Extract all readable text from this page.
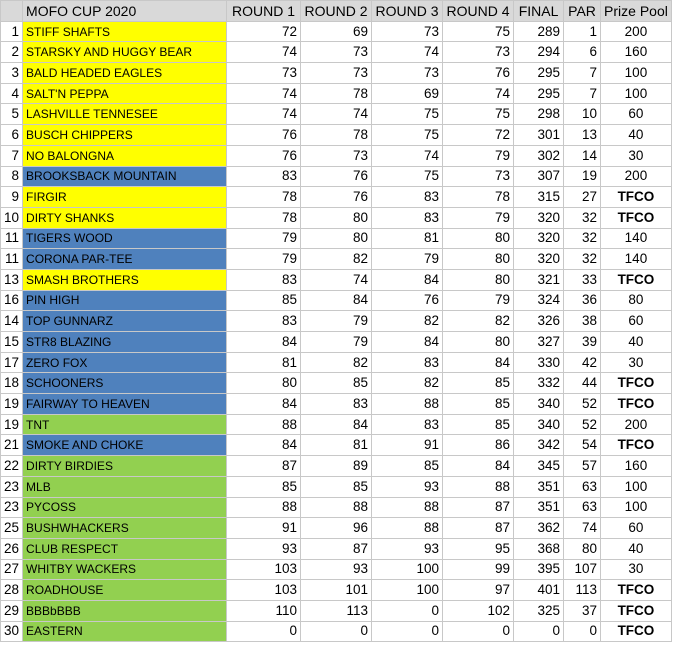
	MOFO CUP 2020	ROUND 1	ROUND 2	ROUND 3	ROUND 4	FINAL	PAR	Prize Pool
1	STIFF SHAFTS	72	69	73	75	289	1	200
2	STARSKY AND HUGGY BEAR	74	73	74	73	294	6	160
3	BALD HEADED EAGLES	73	73	73	76	295	7	100
4	SALT'N PEPPA	74	78	69	74	295	7	100
5	LASHVILLE TENNESEE	74	74	75	75	298	10	60
6	BUSCH CHIPPERS	76	78	75	72	301	13	40
7	NO BALONGNA	76	73	74	79	302	14	30
8	BROOKSBACK MOUNTAIN	83	76	75	73	307	19	200
9	FIRGIR	78	76	83	78	315	27	TFCO
10	DIRTY SHANKS	78	80	83	79	320	32	TFCO
11	TIGERS WOOD	79	80	81	80	320	32	140
11	CORONA PAR-TEE	79	82	79	80	320	32	140
13	SMASH BROTHERS	83	74	84	80	321	33	TFCO
16	PIN HIGH	85	84	76	79	324	36	80
14	TOP GUNNARZ	83	79	82	82	326	38	60
15	STR8 BLAZING	84	79	84	80	327	39	40
17	ZERO FOX	81	82	83	84	330	42	30
18	SCHOONERS	80	85	82	85	332	44	TFCO
19	FAIRWAY TO HEAVEN	84	83	88	85	340	52	TFCO
19	TNT	88	84	83	85	340	52	200
21	SMOKE AND CHOKE	84	81	91	86	342	54	TFCO
22	DIRTY BIRDIES	87	89	85	84	345	57	160
23	MLB	85	85	93	88	351	63	100
23	PYCOSS	88	88	88	87	351	63	100
25	BUSHWHACKERS	91	96	88	87	362	74	60
26	CLUB RESPECT	93	87	93	95	368	80	40
27	WHITBY WACKERS	103	93	100	99	395	107	30
28	ROADHOUSE	103	101	100	97	401	113	TFCO
29	BBBbBBB	110	113	0	102	325	37	TFCO
30	EASTERN	0	0	0	0	0	0	TFCO
